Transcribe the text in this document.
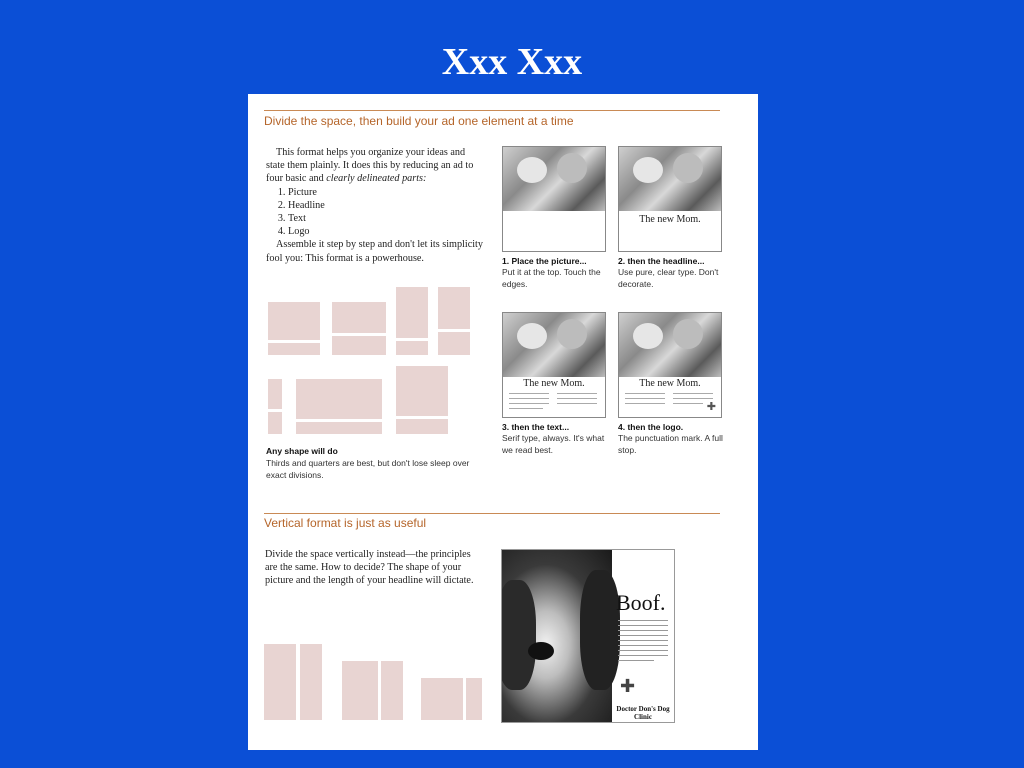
Xxx Xxx
Divide the space, then build your ad one element at a time

This format helps you organize your ideas and state them plainly. It does this by reducing an ad to four basic and clearly delineated parts:

1. Picture
2. Headline
3. Text
4. Logo

Assemble it step by step and don't let its simplicity fool you: This format is a powerhouse.

Any shape will do
Thirds and quarters are best, but don't lose sleep over exact divisions.
1. Place the picture...
Put it at the top. Touch the edges.
The new Mom.
2. then the headline...
Use pure, clear type. Don't decorate.
The new Mom.
3. then the text...
Serif type, always. It's what we read best.
The new Mom.
✚
4. then the logo.
The punctuation mark. A full stop.
Vertical format is just as useful
Divide the space vertically instead—the principles are the same. How to decide? The shape of your picture and the length of your headline will dictate.
Boof.
✚
Doctor Don's Dog Clinic
